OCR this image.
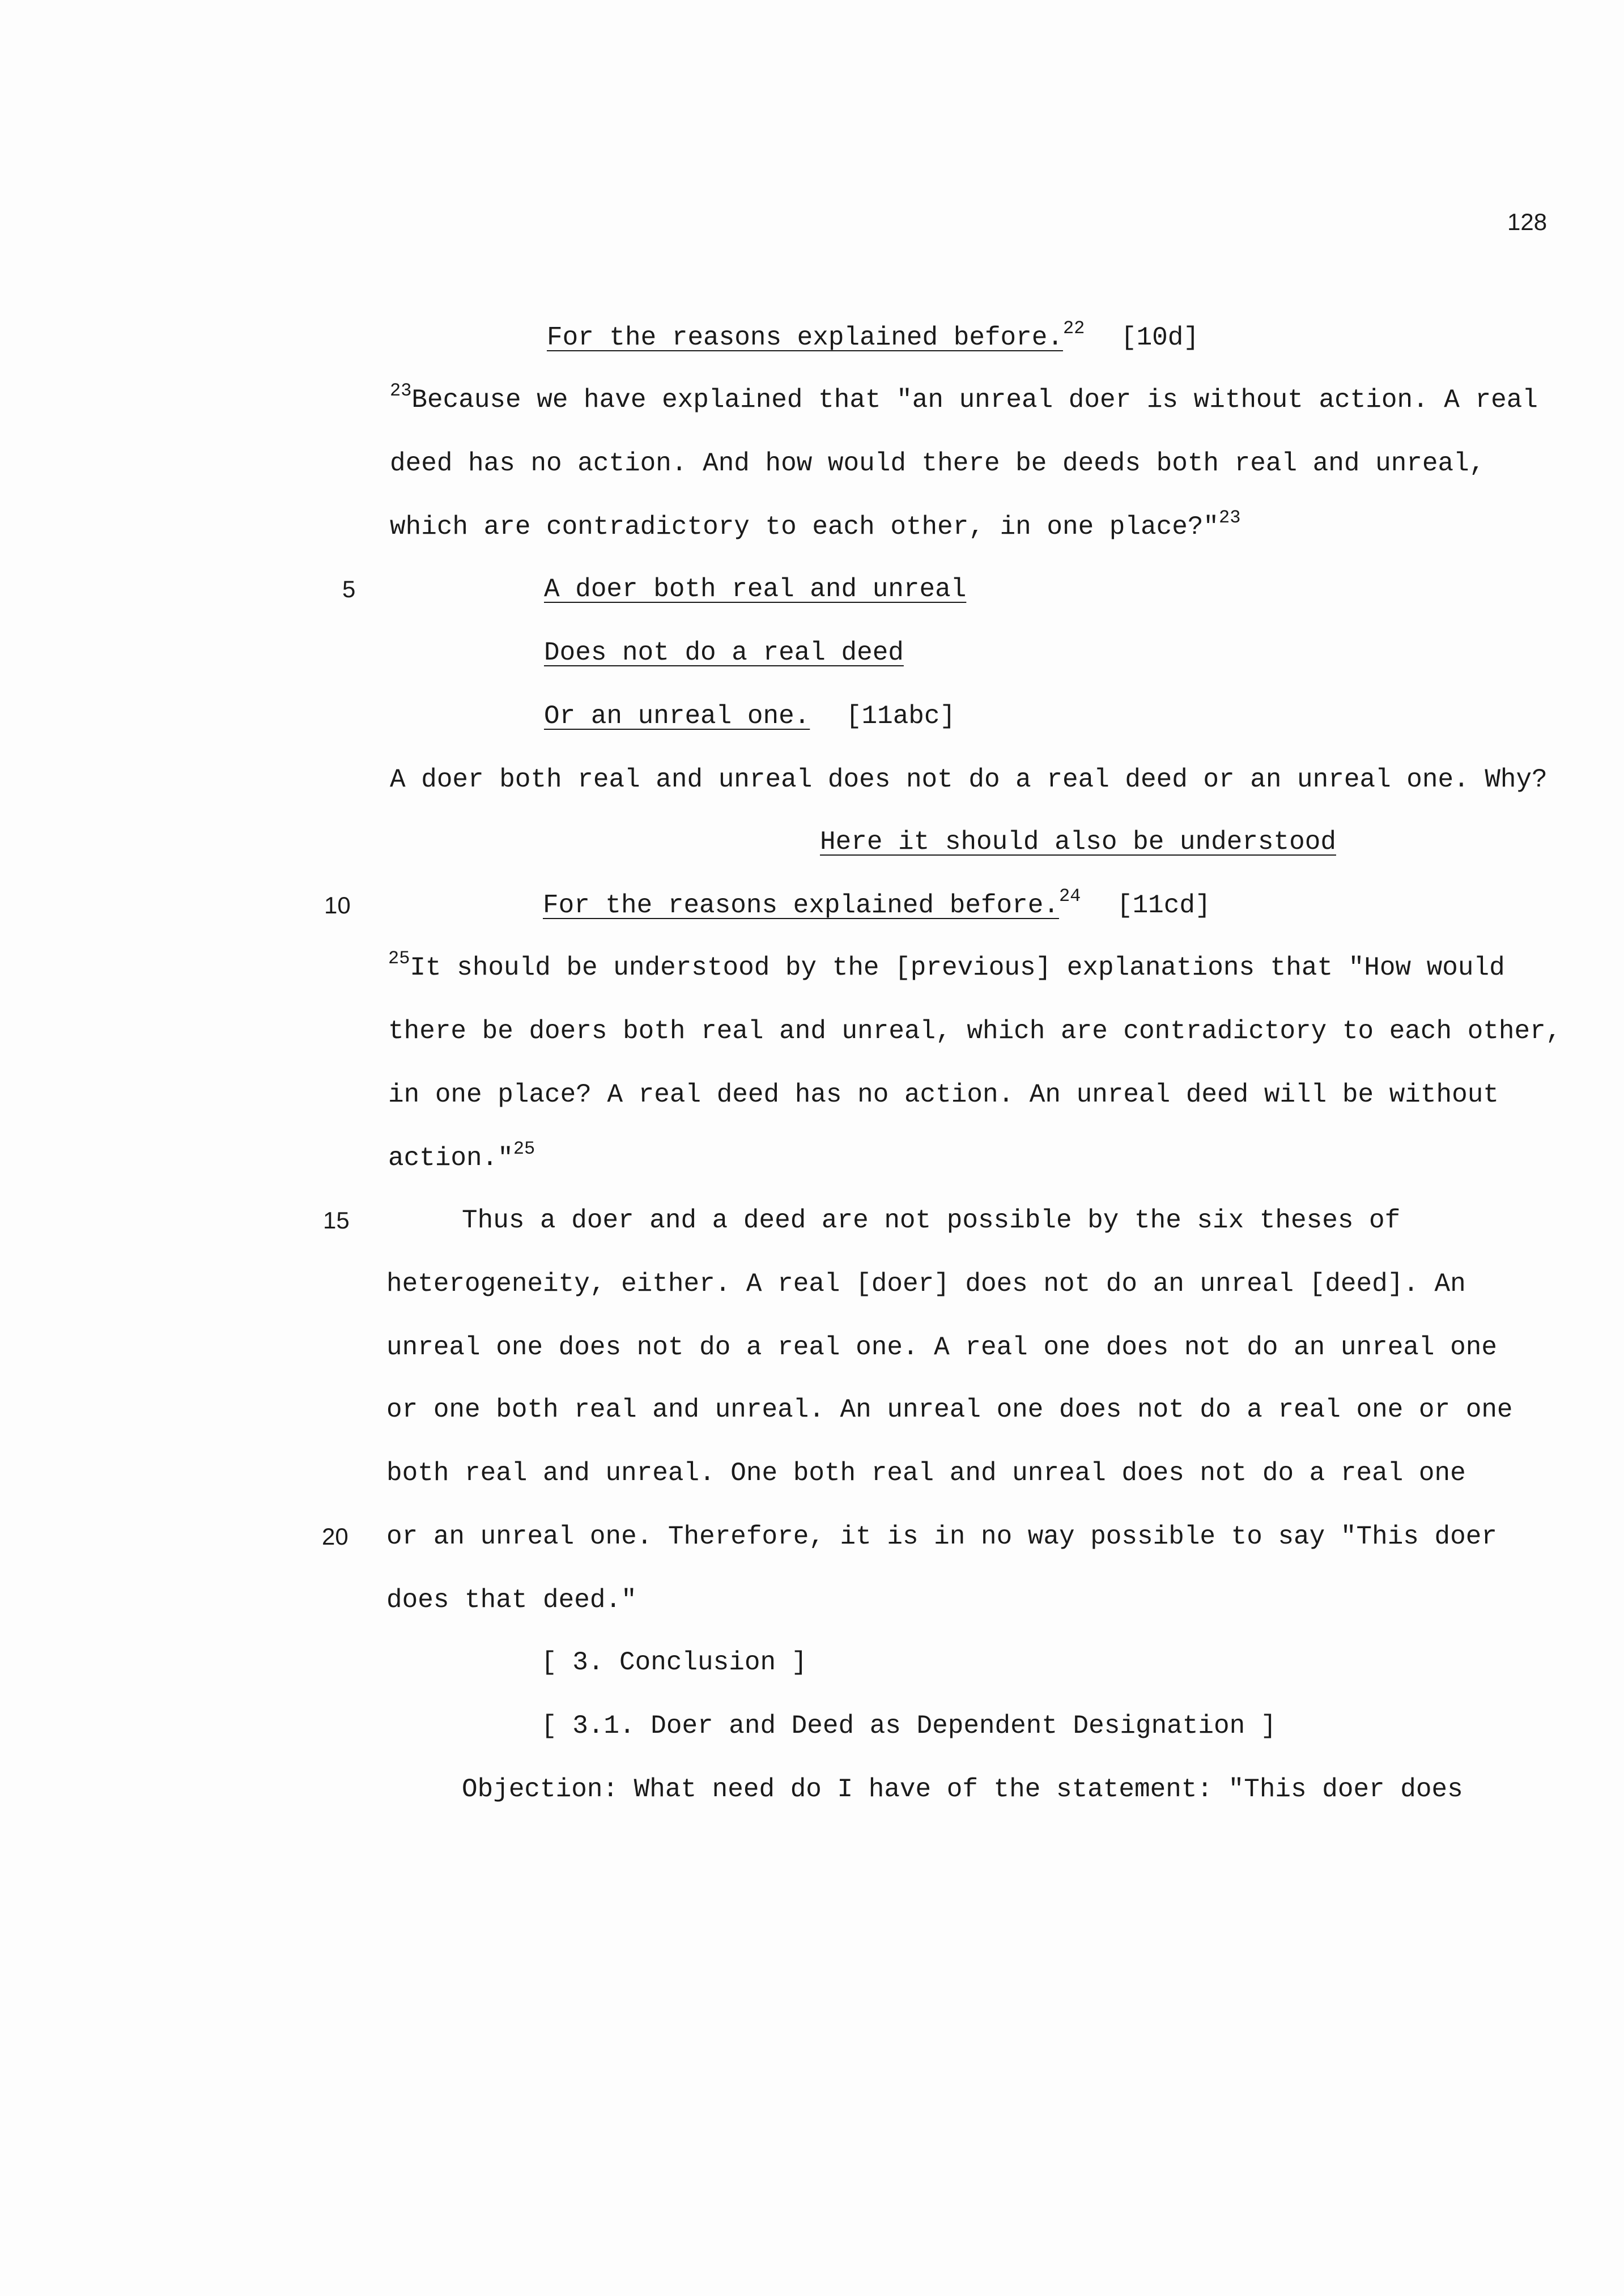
128
For the reasons explained before.$^{22}$ [10d]
$^{23}$Because we have explained that "an unreal doer is without action. A real
deed has no action. And how would there be deeds both real and unreal,
which are contradictory to each other, in one place?"$^{23}$
5	A doer both real and unreal
Does not do a real deed
Or an unreal one. [11abc]
A doer both real and unreal does not do a real deed or an unreal one. Why?
Here it should also be understood
10	For the reasons explained before.$^{24}$ [11cd]
$^{25}$It should be understood by the [previous] explanations that "How would
there be doers both real and unreal, which are contradictory to each other,
in one place? A real deed has no action. An unreal deed will be without
action."$^{25}$
15	Thus a doer and a deed are not possible by the six theses of
heterogeneity, either. A real [doer] does not do an unreal [deed]. An
unreal one does not do a real one. A real one does not do an unreal one
or one both real and unreal. An unreal one does not do a real one or one
both real and unreal. One both real and unreal does not do a real one
20 or an unreal one. Therefore, it is in no way possible to say "This doer
does that deed."
[ 3. Conclusion ]
[ 3.1. Doer and Deed as Dependent Designation ]
Objection: What need do I have of the statement: "This doer does
